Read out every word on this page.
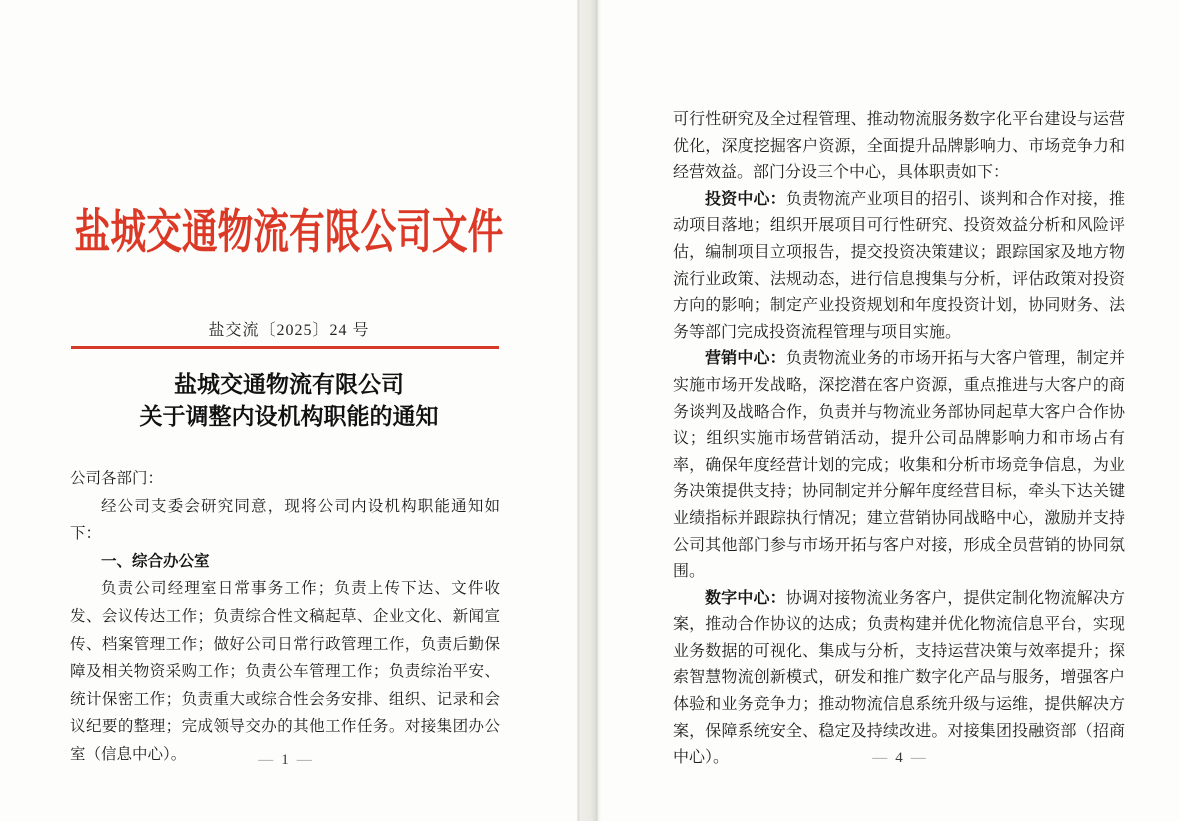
盐城交通物流有限公司文件
盐交流〔2025〕24 号
盐城交通物流有限公司
关于调整内设机构职能的通知

公司各部门：

经公司支委会研究同意，现将公司内设机构职能通知如下：

一、综合办公室

负责公司经理室日常事务工作；负责上传下达、文件收发、会议传达工作；负责综合性文稿起草、企业文化、新闻宣传、档案管理工作；做好公司日常行政管理工作，负责后勤保障及相关物资采购工作；负责公车管理工作；负责综治平安、统计保密工作；负责重大或综合性会务安排、组织、记录和会议纪要的整理；完成领导交办的其他工作任务。对接集团办公室（信息中心）。	— 1 —

可行性研究及全过程管理、推动物流服务数字化平台建设与运营优化，深度挖掘客户资源，全面提升品牌影响力、市场竞争力和经营效益。部门分设三个中心，具体职责如下：

投资中心：负责物流产业项目的招引、谈判和合作对接，推动项目落地；组织开展项目可行性研究、投资效益分析和风险评估，编制项目立项报告，提交投资决策建议；跟踪国家及地方物流行业政策、法规动态，进行信息搜集与分析，评估政策对投资方向的影响；制定产业投资规划和年度投资计划，协同财务、法务等部门完成投资流程管理与项目实施。

营销中心：负责物流业务的市场开拓与大客户管理，制定并实施市场开发战略，深挖潜在客户资源，重点推进与大客户的商务谈判及战略合作，负责并与物流业务部协同起草大客户合作协议；组织实施市场营销活动，提升公司品牌影响力和市场占有率，确保年度经营计划的完成；收集和分析市场竞争信息，为业务决策提供支持；协同制定并分解年度经营目标，牵头下达关键业绩指标并跟踪执行情况；建立营销协同战略中心，激励并支持公司其他部门参与市场开拓与客户对接，形成全员营销的协同氛围。

数字中心：协调对接物流业务客户，提供定制化物流解决方案，推动合作协议的达成；负责构建并优化物流信息平台，实现业务数据的可视化、集成与分析，支持运营决策与效率提升；探索智慧物流创新模式，研发和推广数字化产品与服务，增强客户体验和业务竞争力；推动物流信息系统升级与运维，提供解决方案，保障系统安全、稳定及持续改进。对接集团投融资部（招商中心）。	— 4 —
